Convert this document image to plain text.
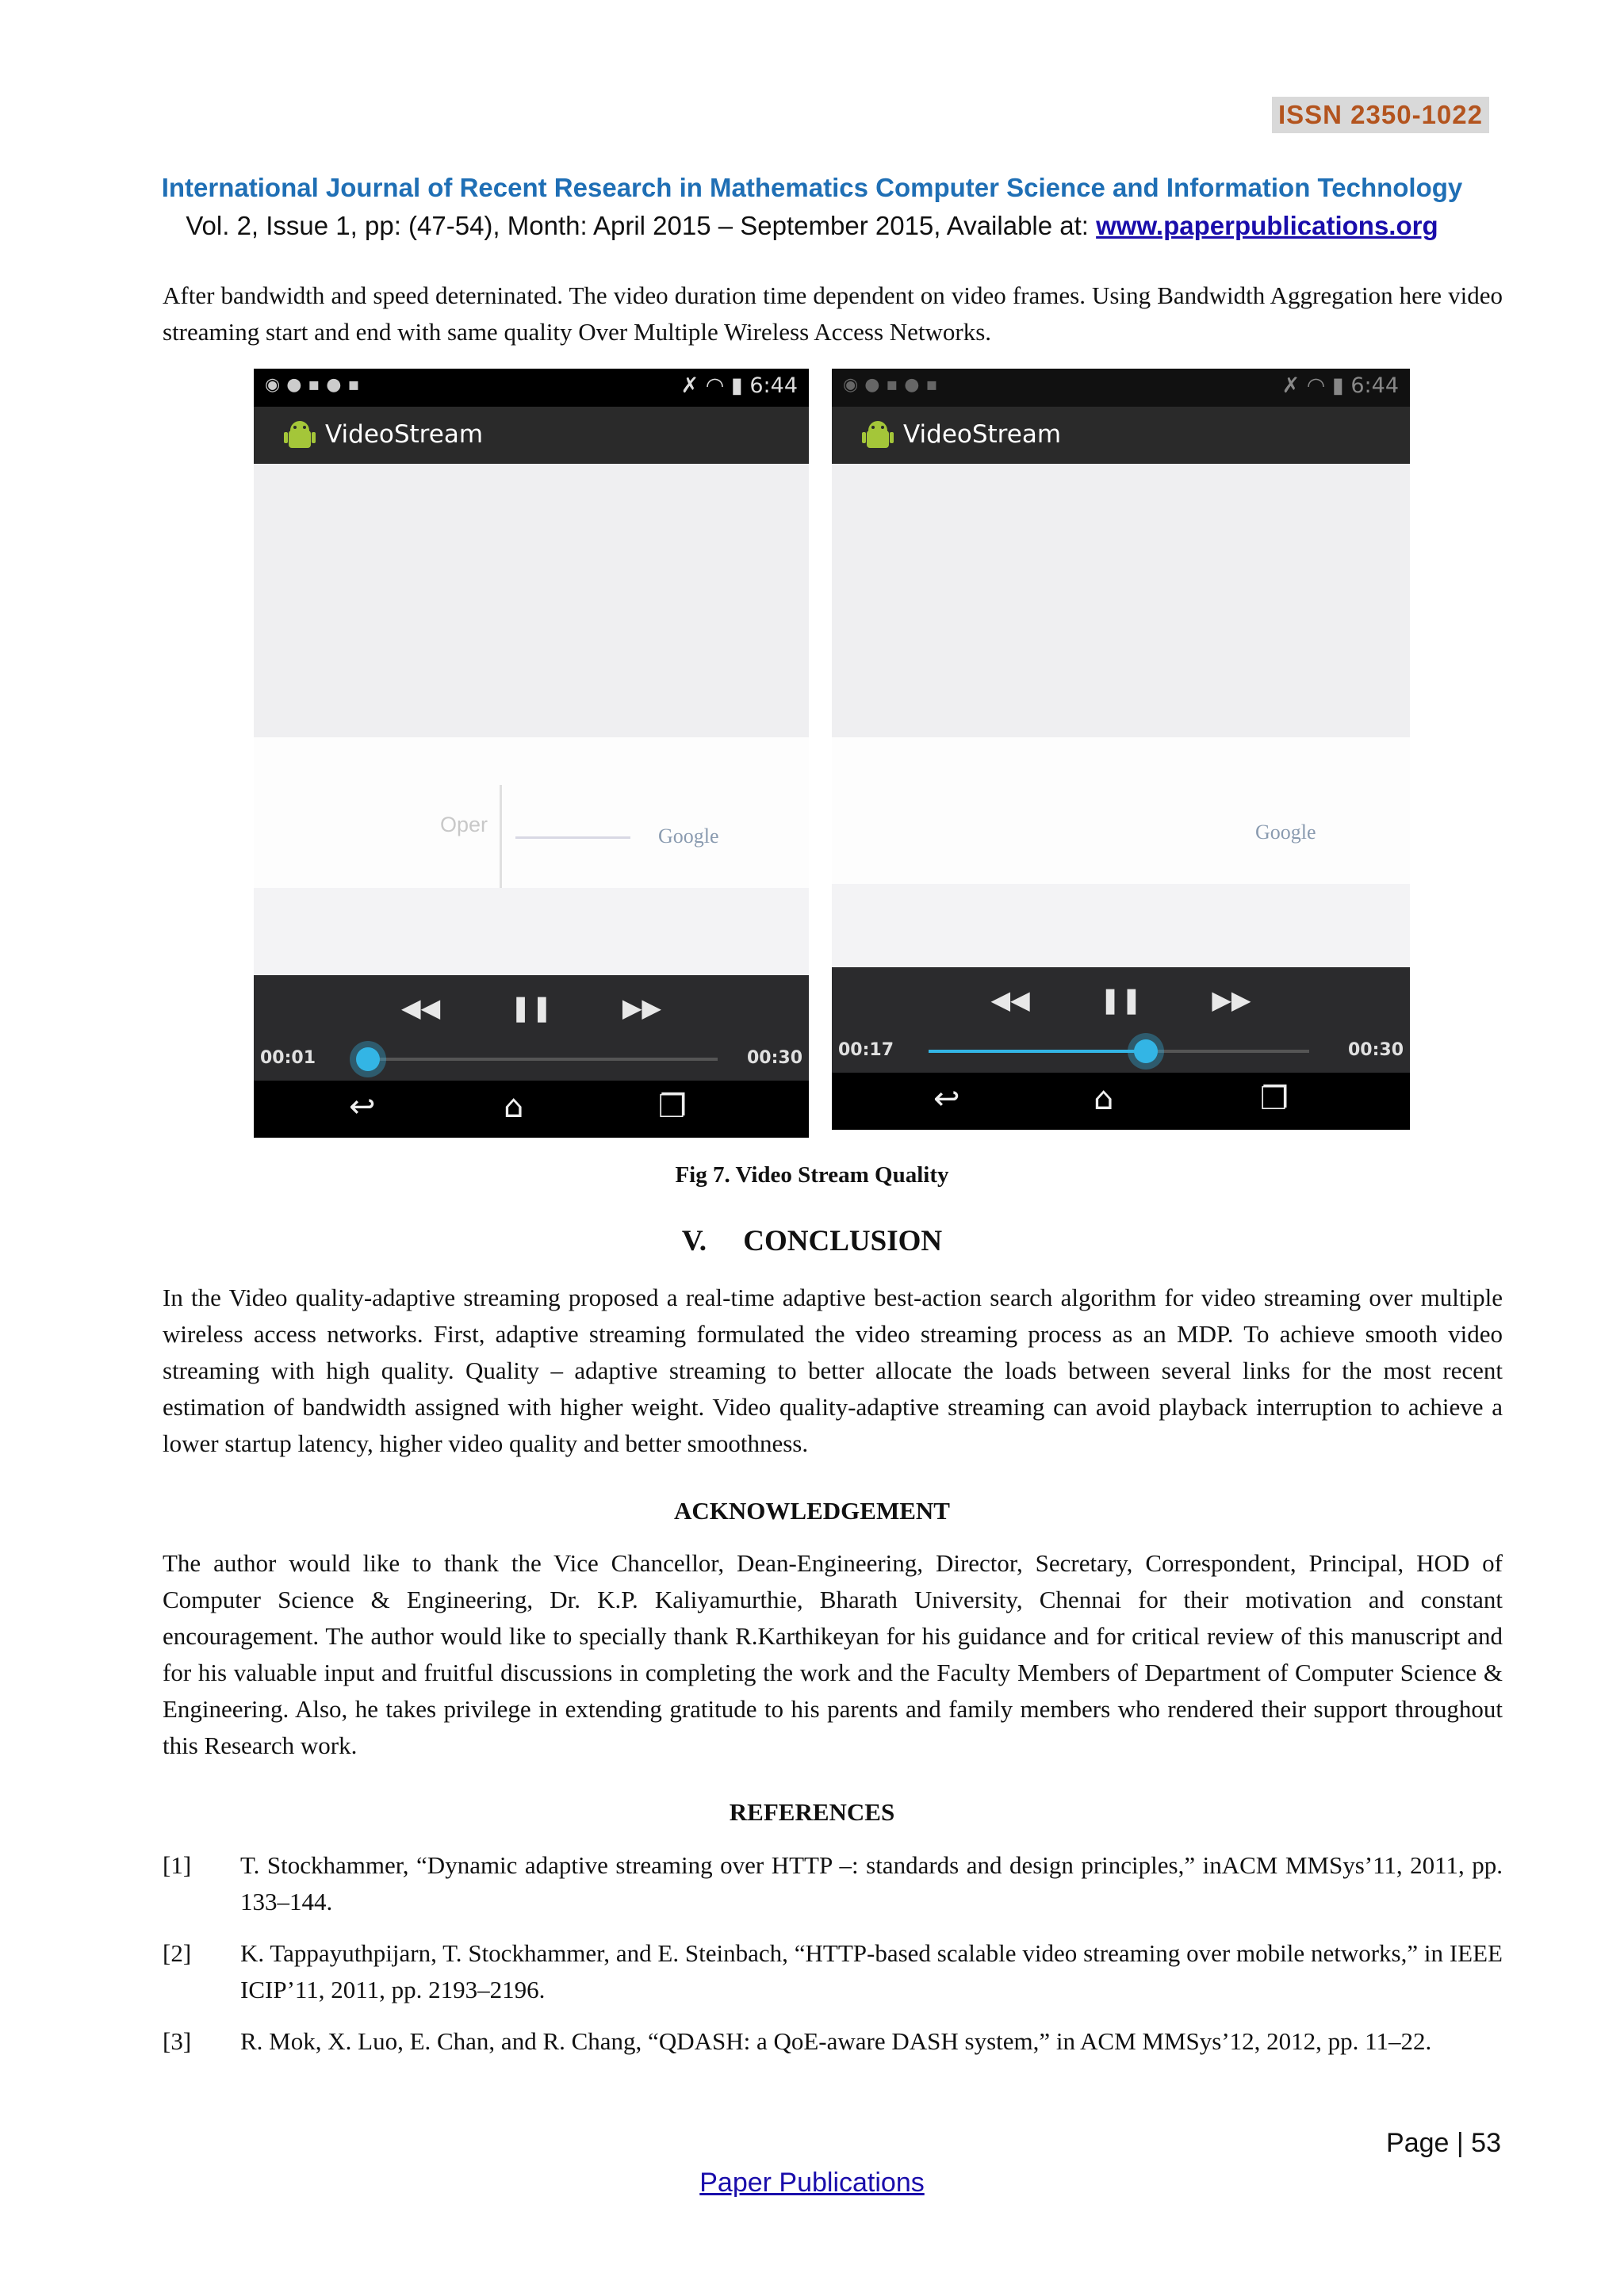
ISSN 2350-1022
International Journal of Recent Research in Mathematics Computer Science and Information Technology
Vol. 2, Issue 1, pp: (47-54), Month: April 2015 – September 2015, Available at: www.paperpublications.org
After bandwidth and speed deterninated. The video duration time dependent on video frames. Using Bandwidth Aggregation here video streaming start and end with same quality Over Multiple Wireless Access Networks.
◉●▪●▪	✗ ◠ ▮ 6:44
VideoStream
Oper
◀◀	❚❚	▶▶
00:01	00:30
↩	⌂	❐
Google
◉●▪●▪	✗ ◠ ▮ 6:44
VideoStream
◀◀	❚❚	▶▶
00:17	00:30
↩	⌂	❐
Google
Fig 7. Video Stream Quality
V.     CONCLUSION
In the Video quality-adaptive streaming proposed a real-time adaptive best-action search algorithm for video streaming over multiple wireless access networks. First, adaptive streaming formulated the video streaming process as an MDP. To achieve smooth video streaming with high quality. Quality – adaptive streaming to better allocate the loads between several links for the most recent estimation of bandwidth assigned with higher weight. Video quality-adaptive streaming can avoid playback interruption to achieve a lower startup latency, higher video quality and better smoothness.
ACKNOWLEDGEMENT
The author would like to thank the Vice Chancellor, Dean-Engineering, Director, Secretary, Correspondent, Principal, HOD of Computer Science & Engineering, Dr. K.P. Kaliyamurthie, Bharath University, Chennai for their motivation and constant encouragement. The author would like to specially thank R.Karthikeyan for his guidance and for critical review of this manuscript and for his valuable input and fruitful discussions in completing the work and the Faculty Members of Department of Computer Science & Engineering. Also, he takes privilege in extending gratitude to his parents and family members who rendered their support throughout this Research work.
REFERENCES
[1] T. Stockhammer, “Dynamic adaptive streaming over HTTP –: standards and design principles,” inACM MMSys’11, 2011, pp. 133–144.
[2] K. Tappayuthpijarn, T. Stockhammer, and E. Steinbach, “HTTP-based scalable video streaming over mobile networks,” in IEEE ICIP’11, 2011, pp. 2193–2196.
[3] R. Mok, X. Luo, E. Chan, and R. Chang, “QDASH: a QoE-aware DASH system,” in ACM MMSys’12, 2012, pp. 11–22.
Page | 53
Paper Publications
